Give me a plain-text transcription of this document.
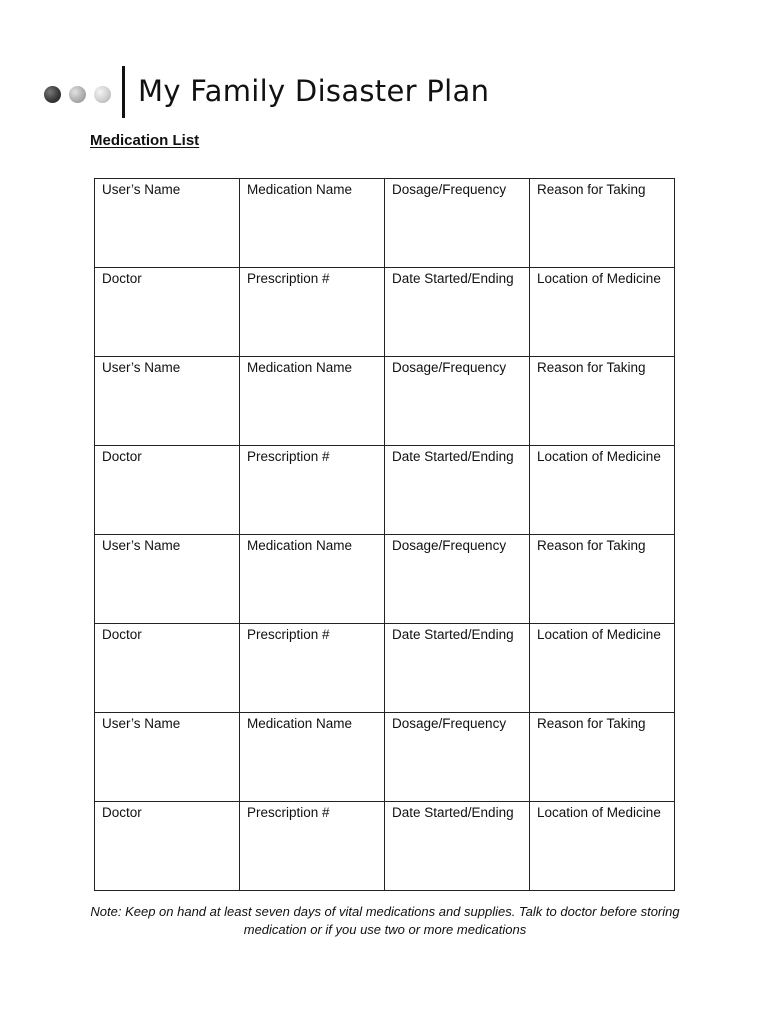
My Family Disaster Plan
Medication List
User’s Name	Medication Name	Dosage/Frequency	Reason for Taking
Doctor	Prescription #	Date Started/Ending	Location of Medicine
User’s Name	Medication Name	Dosage/Frequency	Reason for Taking
Doctor	Prescription #	Date Started/Ending	Location of Medicine
User’s Name	Medication Name	Dosage/Frequency	Reason for Taking
Doctor	Prescription #	Date Started/Ending	Location of Medicine
User’s Name	Medication Name	Dosage/Frequency	Reason for Taking
Doctor	Prescription #	Date Started/Ending	Location of Medicine
Note: Keep on hand at least seven days of vital medications and supplies. Talk to doctor before storing
medication or if you use two or more medications
